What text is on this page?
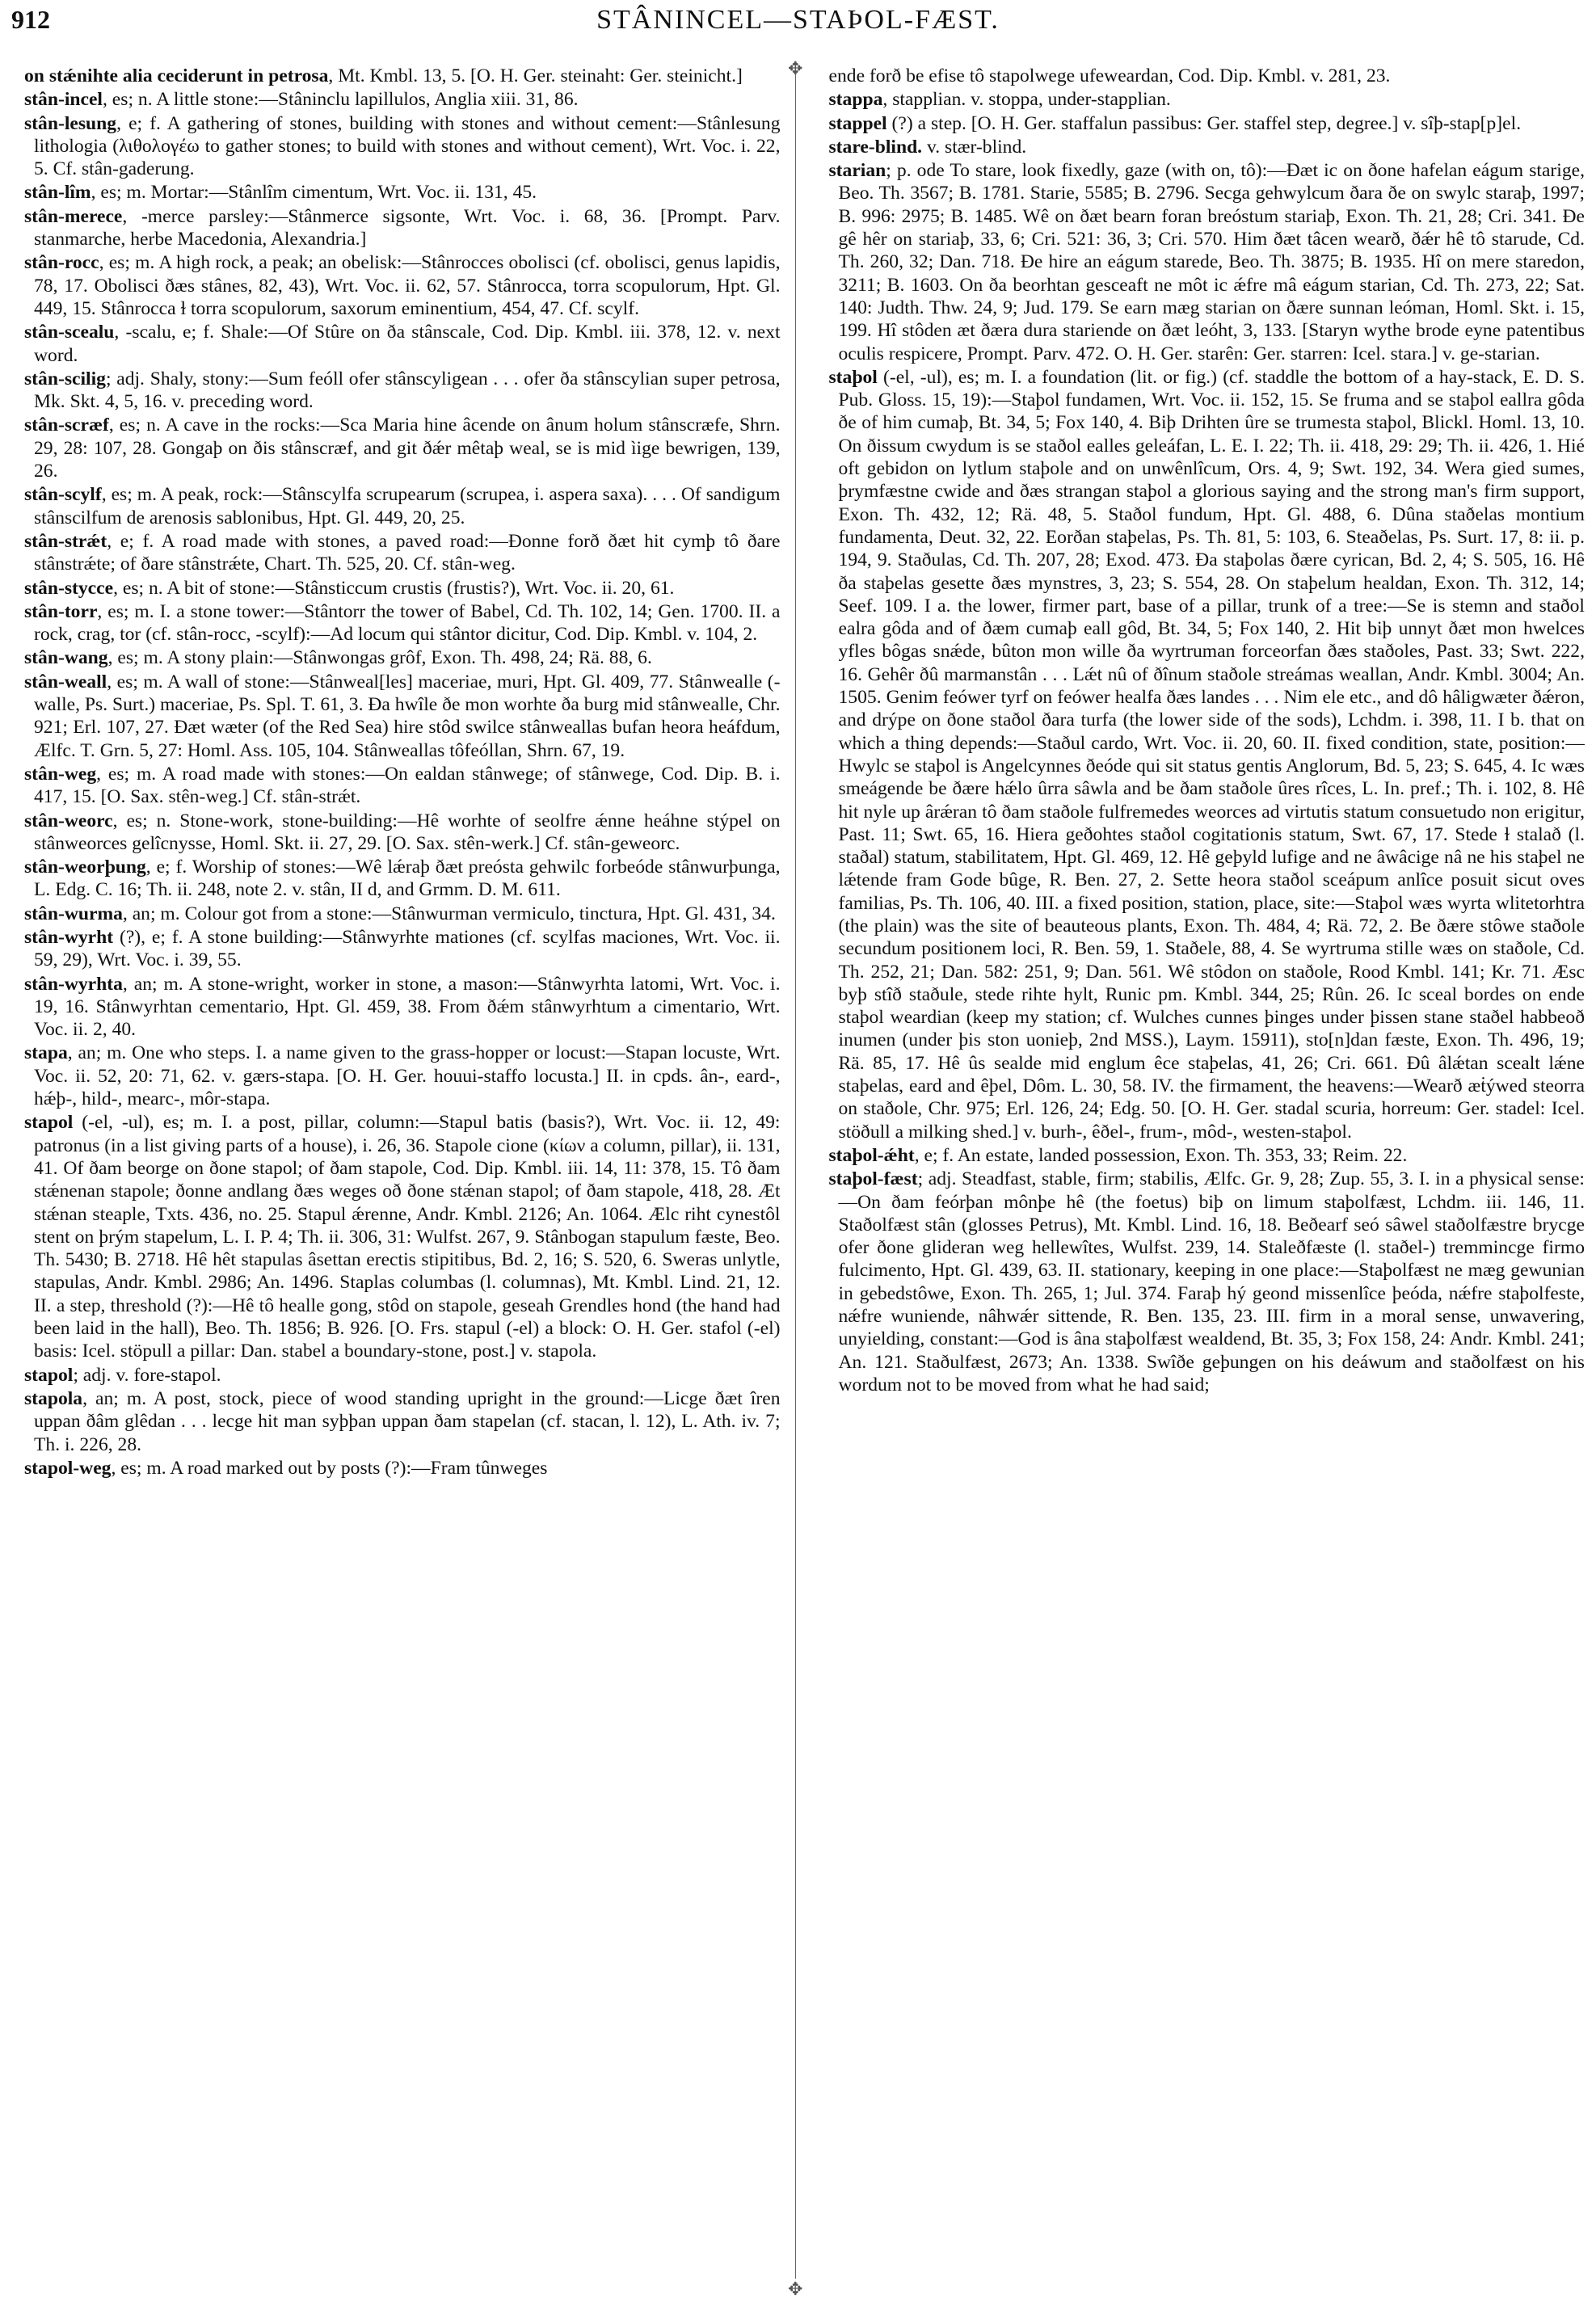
912	STÂNINCEL—STAÞOL-FÆST.
✥
✥

on stǽnihte alia ceciderunt in petrosa, Mt. Kmbl. 13, 5. [O. H. Ger. steinaht: Ger. steinicht.]

stân-incel, es; n. A little stone:—Stâninclu lapillulos, Anglia xiii. 31, 86.

stân-lesung, e; f. A gathering of stones, building with stones and without cement:—Stânlesung lithologia (λιθολογέω to gather stones; to build with stones and without cement), Wrt. Voc. i. 22, 5. Cf. stân-gaderung.

stân-lîm, es; m. Mortar:—Stânlîm cimentum, Wrt. Voc. ii. 131, 45.

stân-merece, -merce parsley:—Stânmerce sigsonte, Wrt. Voc. i. 68, 36. [Prompt. Parv. stanmarche, herbe Macedonia, Alexandria.]

stân-rocc, es; m. A high rock, a peak; an obelisk:—Stânrocces obolisci (cf. obolisci, genus lapidis, 78, 17. Obolisci ðæs stânes, 82, 43), Wrt. Voc. ii. 62, 57. Stânrocca, torra scopulorum, Hpt. Gl. 449, 15. Stânrocca ɫ torra scopulorum, saxorum eminentium, 454, 47. Cf. scylf.

stân-scealu, -scalu, e; f. Shale:—Of Stûre on ða stânscale, Cod. Dip. Kmbl. iii. 378, 12. v. next word.

stân-scilig; adj. Shaly, stony:—Sum feóll ofer stânscyligean . . . ofer ða stânscylian super petrosa, Mk. Skt. 4, 5, 16. v. preceding word.

stân-scræf, es; n. A cave in the rocks:—Sca Maria hine âcende on ânum holum stânscræfe, Shrn. 29, 28: 107, 28. Gongaþ on ðis stânscræf, and git ðǽr mêtaþ weal, se is mid ìige bewrigen, 139, 26.

stân-scylf, es; m. A peak, rock:—Stânscylfa scrupearum (scrupea, i. aspera saxa). . . . Of sandigum stânscilfum de arenosis sablonibus, Hpt. Gl. 449, 20, 25.

stân-strǽt, e; f. A road made with stones, a paved road:—Ðonne forð ðæt hit cymþ tô ðare stânstrǽte; of ðare stânstrǽte, Chart. Th. 525, 20. Cf. stân-weg.

stân-stycce, es; n. A bit of stone:—Stânsticcum crustis (frustis?), Wrt. Voc. ii. 20, 61.

stân-torr, es; m. I. a stone tower:—Stântorr the tower of Babel, Cd. Th. 102, 14; Gen. 1700. II. a rock, crag, tor (cf. stân-rocc, -scylf):—Ad locum qui stântor dicitur, Cod. Dip. Kmbl. v. 104, 2.

stân-wang, es; m. A stony plain:—Stânwongas grôf, Exon. Th. 498, 24; Rä. 88, 6.

stân-weall, es; m. A wall of stone:—Stânweal[les] maceriae, muri, Hpt. Gl. 409, 77. Stânwealle (-walle, Ps. Surt.) maceriae, Ps. Spl. T. 61, 3. Ða hwîle ðe mon worhte ða burg mid stânwealle, Chr. 921; Erl. 107, 27. Ðæt wæter (of the Red Sea) hire stôd swilce stânweallas bufan heora heáfdum, Ælfc. T. Grn. 5, 27: Homl. Ass. 105, 104. Stânweallas tôfeóllan, Shrn. 67, 19.

stân-weg, es; m. A road made with stones:—On ealdan stânwege; of stânwege, Cod. Dip. B. i. 417, 15. [O. Sax. stên-weg.] Cf. stân-strǽt.

stân-weorc, es; n. Stone-work, stone-building:—Hê worhte of seolfre ǽnne heáhne stýpel on stânweorces gelîcnysse, Homl. Skt. ii. 27, 29. [O. Sax. stên-werk.] Cf. stân-geweorc.

stân-weorþung, e; f. Worship of stones:—Wê lǽraþ ðæt preósta gehwilc forbeóde stânwurþunga, L. Edg. C. 16; Th. ii. 248, note 2. v. stân, II d, and Grmm. D. M. 611.

stân-wurma, an; m. Colour got from a stone:—Stânwurman vermiculo, tinctura, Hpt. Gl. 431, 34.

stân-wyrht (?), e; f. A stone building:—Stânwyrhte mationes (cf. scylfas maciones, Wrt. Voc. ii. 59, 29), Wrt. Voc. i. 39, 55.

stân-wyrhta, an; m. A stone-wright, worker in stone, a mason:—Stânwyrhta latomi, Wrt. Voc. i. 19, 16. Stânwyrhtan cementario, Hpt. Gl. 459, 38. From ðǽm stânwyrhtum a cimentario, Wrt. Voc. ii. 2, 40.

stapa, an; m. One who steps. I. a name given to the grass-hopper or locust:—Stapan locuste, Wrt. Voc. ii. 52, 20: 71, 62. v. gærs-stapa. [O. H. Ger. houui-staffo locusta.] II. in cpds. ân-, eard-, hǽþ-, hild-, mearc-, môr-stapa.

stapol (-el, -ul), es; m. I. a post, pillar, column:—Stapul batis (basis?), Wrt. Voc. ii. 12, 49: patronus (in a list giving parts of a house), i. 26, 36. Stapole cione (κίων a column, pillar), ii. 131, 41. Of ðam beorge on ðone stapol; of ðam stapole, Cod. Dip. Kmbl. iii. 14, 11: 378, 15. Tô ðam stǽnenan stapole; ðonne andlang ðæs weges oð ðone stǽnan stapol; of ðam stapole, 418, 28. Æt stǽnan steaple, Txts. 436, no. 25. Stapul ǽrenne, Andr. Kmbl. 2126; An. 1064. Ælc riht cynestôl stent on þrým stapelum, L. I. P. 4; Th. ii. 306, 31: Wulfst. 267, 9. Stânbogan stapulum fæste, Beo. Th. 5430; B. 2718. Hê hêt stapulas âsettan erectis stipitibus, Bd. 2, 16; S. 520, 6. Sweras unlytle, stapulas, Andr. Kmbl. 2986; An. 1496. Staplas columbas (l. columnas), Mt. Kmbl. Lind. 21, 12. II. a step, threshold (?):—Hê tô healle gong, stôd on stapole, geseah Grendles hond (the hand had been laid in the hall), Beo. Th. 1856; B. 926. [O. Frs. stapul (-el) a block: O. H. Ger. stafol (-el) basis: Icel. stöpull a pillar: Dan. stabel a boundary-stone, post.] v. stapola.

stapol; adj. v. fore-stapol.

stapola, an; m. A post, stock, piece of wood standing upright in the ground:—Licge ðæt îren uppan ðâm glêdan . . . lecge hit man syþþan uppan ðam stapelan (cf. stacan, l. 12), L. Ath. iv. 7; Th. i. 226, 28.

stapol-weg, es; m. A road marked out by posts (?):—Fram tûnweges

ende forð be efise tô stapolwege ufeweardan, Cod. Dip. Kmbl. v. 281, 23.

stappa, stapplian. v. stoppa, under-stapplian.

stappel (?) a step. [O. H. Ger. staffalun passibus: Ger. staffel step, degree.] v. sîþ-stap[p]el.

stare-blind. v. stær-blind.

starian; p. ode To stare, look fixedly, gaze (with on, tô):—Ðæt ic on ðone hafelan eágum starige, Beo. Th. 3567; B. 1781. Starie, 5585; B. 2796. Secga gehwylcum ðara ðe on swylc staraþ, 1997; B. 996: 2975; B. 1485. Wê on ðæt bearn foran breóstum stariaþ, Exon. Th. 21, 28; Cri. 341. Ðe gê hêr on stariaþ, 33, 6; Cri. 521: 36, 3; Cri. 570. Him ðæt tâcen wearð, ðǽr hê tô starude, Cd. Th. 260, 32; Dan. 718. Ðe hire an eágum starede, Beo. Th. 3875; B. 1935. Hî on mere staredon, 3211; B. 1603. On ða beorhtan gesceaft ne môt ic ǽfre mâ eágum starian, Cd. Th. 273, 22; Sat. 140: Judth. Thw. 24, 9; Jud. 179. Se earn mæg starian on ðære sunnan leóman, Homl. Skt. i. 15, 199. Hî stôden æt ðæra dura stariende on ðæt leóht, 3, 133. [Staryn wythe brode eyne patentibus oculis respicere, Prompt. Parv. 472. O. H. Ger. starên: Ger. starren: Icel. stara.] v. ge-starian.

staþol (-el, -ul), es; m. I. a foundation (lit. or fig.) (cf. staddle the bottom of a hay-stack, E. D. S. Pub. Gloss. 15, 19):—Staþol fundamen, Wrt. Voc. ii. 152, 15. Se fruma and se staþol eallra gôda ðe of him cumaþ, Bt. 34, 5; Fox 140, 4. Biþ Drihten ûre se trumesta staþol, Blickl. Homl. 13, 10. On ðissum cwydum is se staðol ealles geleáfan, L. E. I. 22; Th. ii. 418, 29: 29; Th. ii. 426, 1. Hié oft gebidon on lytlum staþole and on unwênlîcum, Ors. 4, 9; Swt. 192, 34. Wera gied sumes, þrymfæstne cwide and ðæs strangan staþol a glorious saying and the strong man's firm support, Exon. Th. 432, 12; Rä. 48, 5. Staðol fundum, Hpt. Gl. 488, 6. Dûna staðelas montium fundamenta, Deut. 32, 22. Eorðan staþelas, Ps. Th. 81, 5: 103, 6. Steaðelas, Ps. Surt. 17, 8: ii. p. 194, 9. Staðulas, Cd. Th. 207, 28; Exod. 473. Ða staþolas ðære cyrican, Bd. 2, 4; S. 505, 16. Hê ða staþelas gesette ðæs mynstres, 3, 23; S. 554, 28. On staþelum healdan, Exon. Th. 312, 14; Seef. 109. I a. the lower, firmer part, base of a pillar, trunk of a tree:—Se is stemn and staðol ealra gôda and of ðæm cumaþ eall gôd, Bt. 34, 5; Fox 140, 2. Hit biþ unnyt ðæt mon hwelces yfles bôgas snǽde, bûton mon wille ða wyrtruman forceorfan ðæs staðoles, Past. 33; Swt. 222, 16. Gehêr ðû marmanstân . . . Lǽt nû of ðînum staðole streámas weallan, Andr. Kmbl. 3004; An. 1505. Genim feówer tyrf on feówer healfa ðæs landes . . . Nim ele etc., and dô hâligwæter ðǽron, and drýpe on ðone staðol ðara turfa (the lower side of the sods), Lchdm. i. 398, 11. I b. that on which a thing depends:—Staðul cardo, Wrt. Voc. ii. 20, 60. II. fixed condition, state, position:—Hwylc se staþol is Angelcynnes ðeóde qui sit status gentis Anglorum, Bd. 5, 23; S. 645, 4. Ic wæs smeágende be ðære hǽlo ûrra sâwla and be ðam staðole ûres rîces, L. In. pref.; Th. i. 102, 8. Hê hit nyle up ârǽran tô ðam staðole fulfremedes weorces ad virtutis statum consuetudo non erigitur, Past. 11; Swt. 65, 16. Hiera geðohtes staðol cogitationis statum, Swt. 67, 17. Stede ɫ stalað (l. staðal) statum, stabilitatem, Hpt. Gl. 469, 12. Hê geþyld lufige and ne âwâcige nâ ne his staþel ne lǽtende fram Gode bûge, R. Ben. 27, 2. Sette heora staðol sceápum anlîce posuit sicut oves familias, Ps. Th. 106, 40. III. a fixed position, station, place, site:—Staþol wæs wyrta wlitetorhtra (the plain) was the site of beauteous plants, Exon. Th. 484, 4; Rä. 72, 2. Be ðære stôwe staðole secundum positionem loci, R. Ben. 59, 1. Staðele, 88, 4. Se wyrtruma stille wæs on staðole, Cd. Th. 252, 21; Dan. 582: 251, 9; Dan. 561. Wê stôdon on staðole, Rood Kmbl. 141; Kr. 71. Æsc byþ stîð staðule, stede rihte hylt, Runic pm. Kmbl. 344, 25; Rûn. 26. Ic sceal bordes on ende staþol weardian (keep my station; cf. Wulches cunnes þinges under þissen stane staðel habbeoð inumen (under þis ston uonieþ, 2nd MSS.), Laym. 15911), sto[n]dan fæste, Exon. Th. 496, 19; Rä. 85, 17. Hê ûs sealde mid englum êce staþelas, 41, 26; Cri. 661. Ðû âlǽtan scealt lǽne staþelas, eard and êþel, Dôm. L. 30, 58. IV. the firmament, the heavens:—Wearð æṫýwed steorra on staðole, Chr. 975; Erl. 126, 24; Edg. 50. [O. H. Ger. stadal scuria, horreum: Ger. stadel: Icel. stöðull a milking shed.] v. burh-, êðel-, frum-, môd-, westen-staþol.

staþol-ǽht, e; f. An estate, landed possession, Exon. Th. 353, 33; Reim. 22.

staþol-fæst; adj. Steadfast, stable, firm; stabilis, Ælfc. Gr. 9, 28; Zup. 55, 3. I. in a physical sense:—On ðam feórþan mônþe hê (the foetus) biþ on limum staþolfæst, Lchdm. iii. 146, 11. Staðolfæst stân (glosses Petrus), Mt. Kmbl. Lind. 16, 18. Beðearf seó sâwel staðolfæstre brycge ofer ðone glideran weg hellewîtes, Wulfst. 239, 14. Staleðfæste (l. staðel-) tremmincge firmo fulcimento, Hpt. Gl. 439, 63. II. stationary, keeping in one place:—Staþolfæst ne mæg gewunian in gebedstôwe, Exon. Th. 265, 1; Jul. 374. Faraþ hý geond missenlîce þeóda, nǽfre staþolfeste, nǽfre wuniende, nâhwǽr sittende, R. Ben. 135, 23. III. firm in a moral sense, unwavering, unyielding, constant:—God is âna staþolfæst wealdend, Bt. 35, 3; Fox 158, 24: Andr. Kmbl. 241; An. 121. Staðulfæst, 2673; An. 1338. Swîðe geþungen on his deáwum and staðolfæst on his wordum not to be moved from what he had said;
